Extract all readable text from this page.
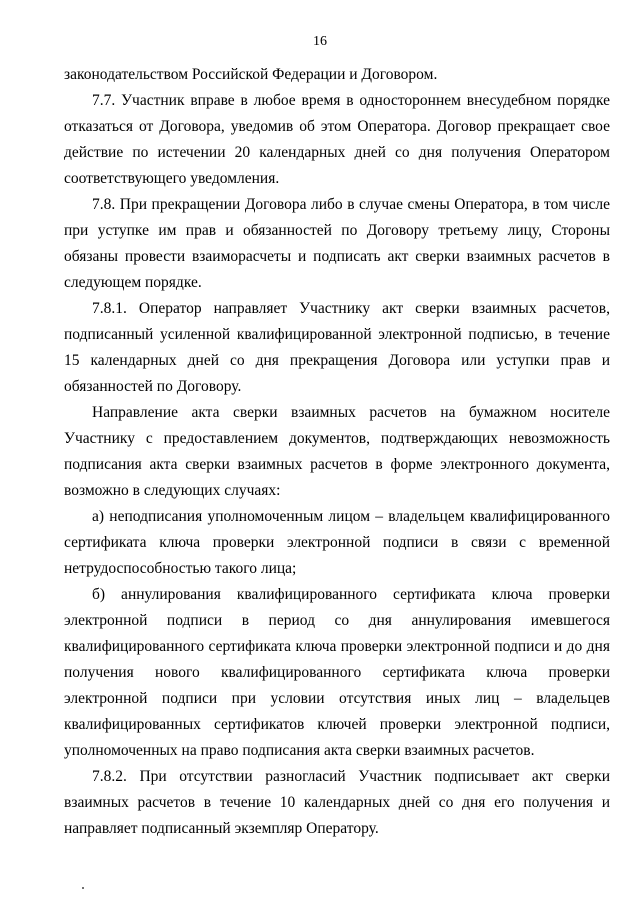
16

законодательством Российской Федерации и Договором.

7.7. Участник вправе в любое время в одностороннем внесудебном порядке отказаться от Договора, уведомив об этом Оператора. Договор прекращает свое действие по истечении 20 календарных дней со дня получения Оператором соответствующего уведомления.

7.8. При прекращении Договора либо в случае смены Оператора, в том числе при уступке им прав и обязанностей по Договору третьему лицу, Стороны обязаны провести взаиморасчеты и подписать акт сверки взаимных расчетов в следующем порядке.

7.8.1. Оператор направляет Участнику акт сверки взаимных расчетов, подписанный усиленной квалифицированной электронной подписью, в течение 15 календарных дней со дня прекращения Договора или уступки прав и обязанностей по Договору.

Направление акта сверки взаимных расчетов на бумажном носителе Участнику с предоставлением документов, подтверждающих невозможность подписания акта сверки взаимных расчетов в форме электронного документа, возможно в следующих случаях:

а) неподписания уполномоченным лицом – владельцем квалифицированного сертификата ключа проверки электронной подписи в связи с временной нетрудоспособностью такого лица;

б) аннулирования квалифицированного сертификата ключа проверки электронной подписи в период со дня аннулирования имевшегося квалифицированного сертификата ключа проверки электронной подписи и до дня получения нового квалифицированного сертификата ключа проверки электронной подписи при условии отсутствия иных лиц – владельцев квалифицированных сертификатов ключей проверки электронной подписи, уполномоченных на право подписания акта сверки взаимных расчетов.

7.8.2. При отсутствии разногласий Участник подписывает акт сверки взаимных расчетов в течение 10 календарных дней со дня его получения и направляет подписанный экземпляр Оператору.
